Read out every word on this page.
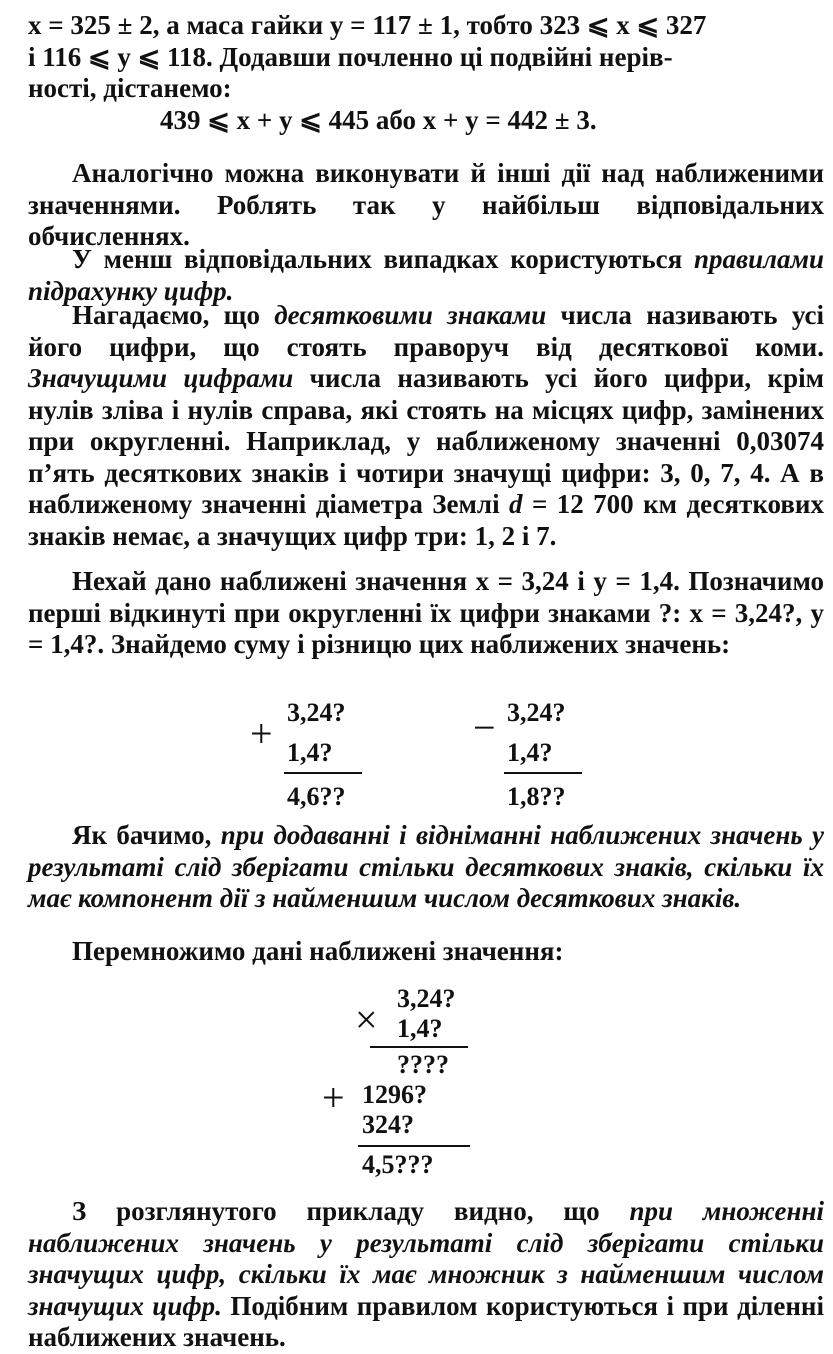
x = 325 ± 2, а маса гайки y = 117 ± 1, тобто 323 ⩽ x ⩽ 327
і 116 ⩽ y ⩽ 118. Додавши почленно ці подвійні нерів-
ності, дістанемо:
439 ⩽ x + y ⩽ 445 або x + y = 442 ± 3.

Аналогічно можна виконувати й інші дії над наближеними значеннями. Роблять так у найбільш відповідальних обчисленнях.

У менш відповідальних випадках користуються правилами підрахунку цифр.

Нагадаємо, що десятковими знаками числа називають усі його цифри, що стоять праворуч від десяткової коми. Значущими цифрами числа називають усі його цифри, крім нулів зліва і нулів справа, які стоять на місцях цифр, замінених при округленні. Наприклад, у наближеному значенні 0,03074 п’ять десяткових знаків і чотири значущі цифри: 3, 0, 7, 4. А в наближеному значенні діаметра Землі d = 12 700 км десяткових знаків немає, а значущих цифр три: 1, 2 і 7.

Нехай дано наближені значення x = 3,24 і y = 1,4. Позначимо перші відкинуті при округленні їх цифри знаками ?: x = 3,24?, y = 1,4?. Знайдемо суму і різницю цих наближених значень:

+ 3,24?
1,4?
4,6??
− 3,24?
1,4?
1,8??

Як бачимо, при додаванні і відніманні наближених значень у результаті слід зберігати стільки десяткових знаків, скільки їх має компонент дії з найменшим числом десяткових знаків.

Перемножимо дані наближені значення:

× 3,24?
1,4?
????
+ 1296?
324?
4,5???

З розглянутого прикладу видно, що при множенні наближених значень у результаті слід зберігати стільки значущих цифр, скільки їх має множник з найменшим числом значущих цифр. Подібним правилом користуються і при діленні наближених значень.
